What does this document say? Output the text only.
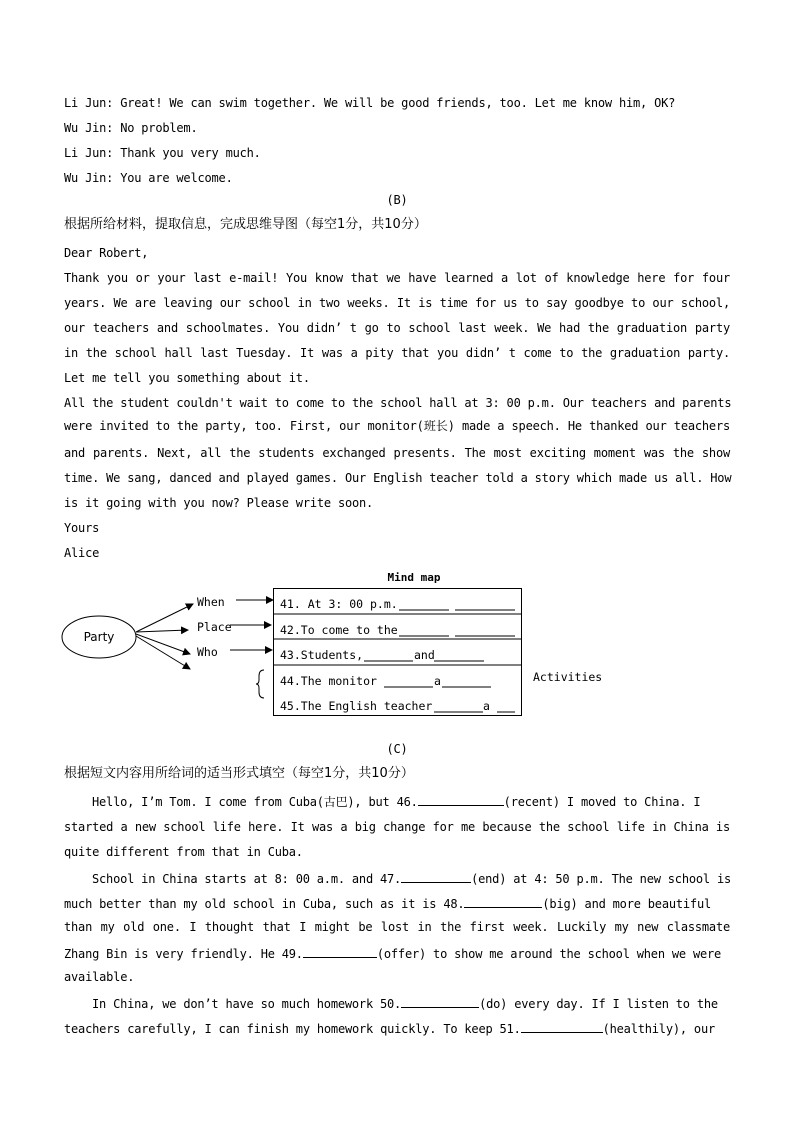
Li Jun: Great! We can swim together. We will be good friends, too. Let me know him, OK?
Wu Jin: No problem.
Li Jun: Thank you very much.
Wu Jin: You are welcome.
(B)
根据所给材料，提取信息，完成思维导图（每空1分，共10分）
Dear Robert,
Thank you or your last e-mail! You know that we have learned a lot of knowledge here for four
years. We are leaving our school in two weeks. It is time for us to say goodbye to our school,
our teachers and schoolmates. You didn’ t go to school last week. We had the graduation party
in the school hall last Tuesday. It was a pity that you didn’ t come to the graduation party.
Let me tell you something about it.
All the student couldn't wait to come to the school hall at 3: 00 p.m. Our teachers and parents
were invited to the party, too. First, our monitor(班长) made a speech. He thanked our teachers
and parents. Next, all the students exchanged presents. The most exciting moment was the show
time. We sang, danced and played games. Our English teacher told a story which made us all. How
is it going with you now? Please write soon.
Yours
Alice
Mind map
Party
When
Place
Who
41. At 3: 00 p.m.
42.To come to the
43.Students,	and
44.The monitor	a
45.The English teacher	a
Activities
(C)
根据短文内容用所给词的适当形式填空（每空1分，共10分）
Hello, I’m Tom. I come from Cuba(古巴), but 46.	(recent) I moved to China. I
started a new school life here. It was a big change for me because the school life in China is
quite different from that in Cuba.
School in China starts at 8: 00 a.m. and 47.	(end) at 4: 50 p.m. The new school is
much better than my old school in Cuba, such as it is 48.	(big) and more beautiful
than my old one. I thought that I might be lost in the first week. Luckily my new classmate
Zhang Bin is very friendly. He 49.	(offer) to show me around the school when we were
available.
In China, we don’t have so much homework 50.	(do) every day. If I listen to the
teachers carefully, I can finish my homework quickly. To keep 51.	(healthily), our
